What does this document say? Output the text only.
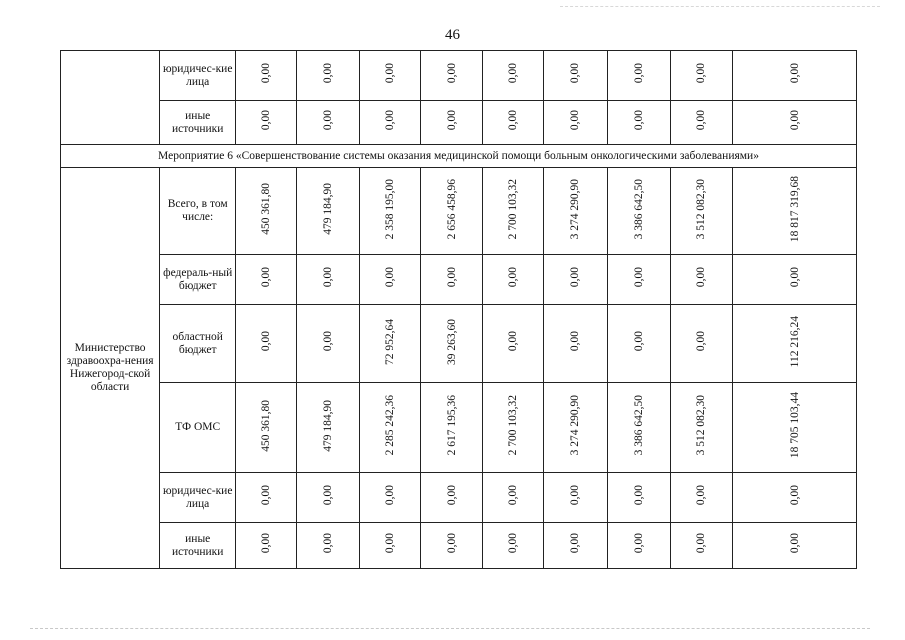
46
	юридичес-кие лица	0,00	0,00	0,00	0,00	0,00	0,00	0,00	0,00	0,00
	иные источники	0,00	0,00	0,00	0,00	0,00	0,00	0,00	0,00	0,00
Мероприятие 6 «Совершенствование системы оказания медицинской помощи больным онкологическими заболеваниями»										
Министерство здравоохра-нения Нижегород-ской области	Всего, в том числе:	450 361,80	479 184,90	2 358 195,00	2 656 458,96	2 700 103,32	3 274 290,90	3 386 642,50	3 512 082,30	18 817 319,68
	федераль-ный бюджет	0,00	0,00	0,00	0,00	0,00	0,00	0,00	0,00	0,00
	областной бюджет	0,00	0,00	72 952,64	39 263,60	0,00	0,00	0,00	0,00	112 216,24
	ТФ ОМС	450 361,80	479 184,90	2 285 242,36	2 617 195,36	2 700 103,32	3 274 290,90	3 386 642,50	3 512 082,30	18 705 103,44
	юридичес-кие лица	0,00	0,00	0,00	0,00	0,00	0,00	0,00	0,00	0,00
	иные источники	0,00	0,00	0,00	0,00	0,00	0,00	0,00	0,00	0,00
